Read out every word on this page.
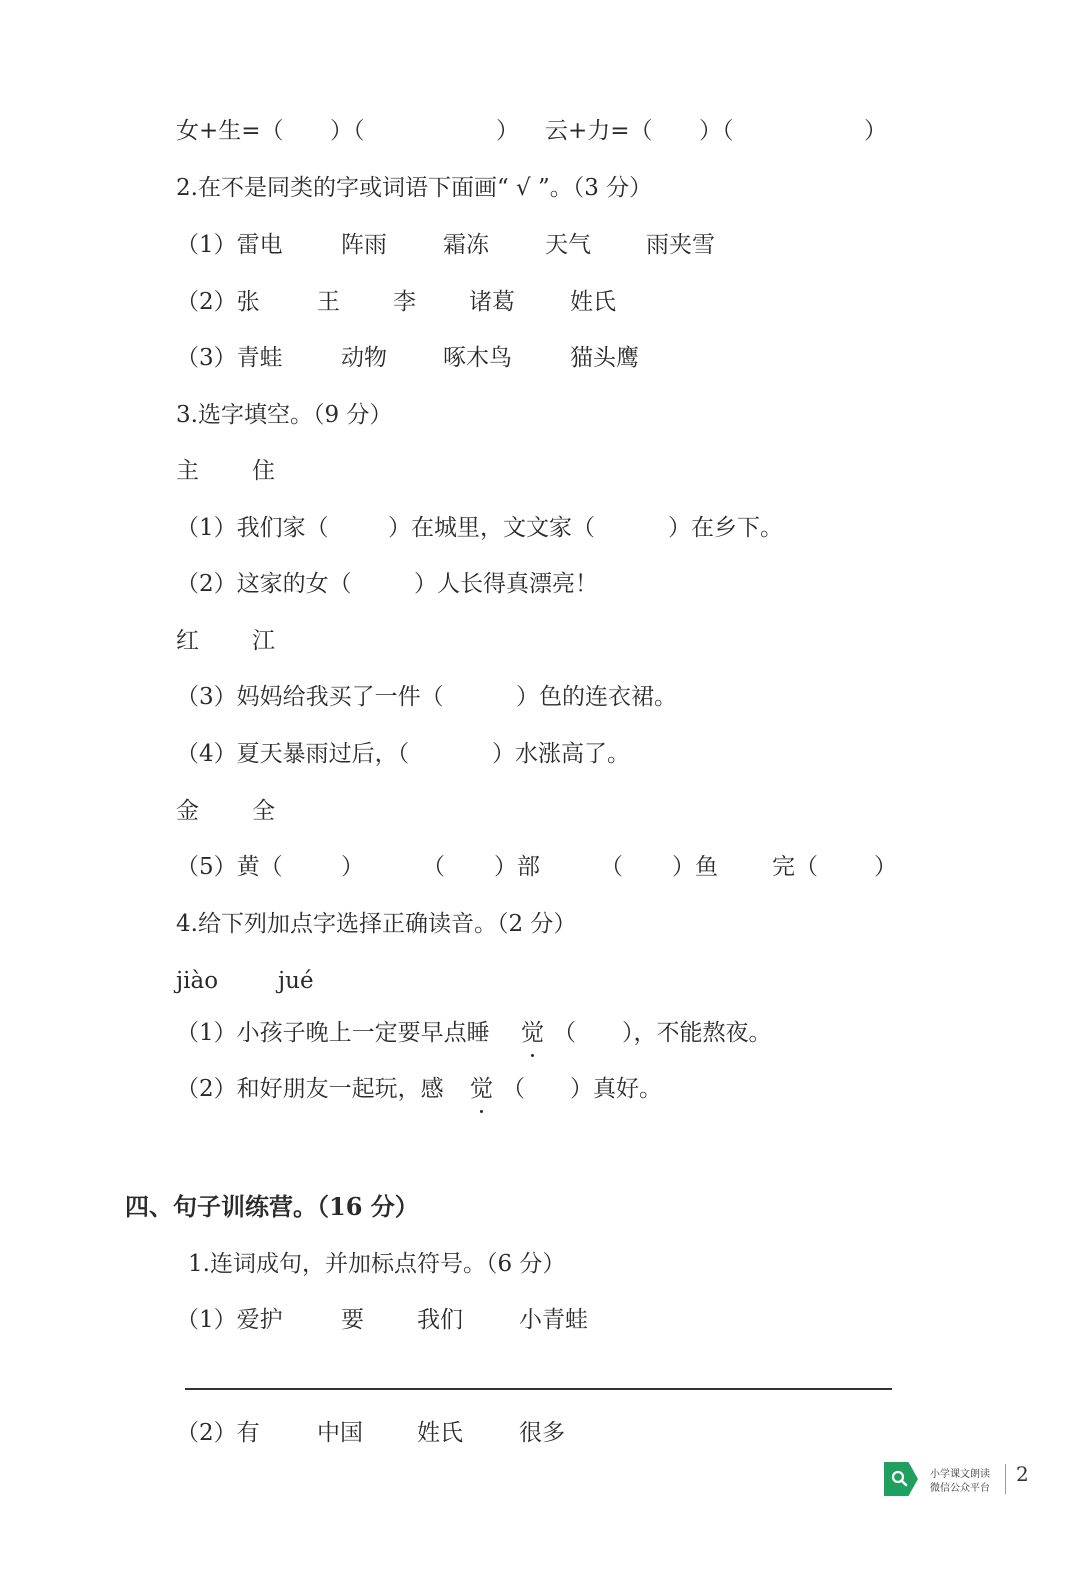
女+生=（

）（

	）

云+力=（

）（

	）

2.在不是同类的字或词语下面画“ √ ”。（3 分）

（1）雷电

	阵雨

霜冻

天气

雨夹雪

（2）张

王

李

诸葛

姓氏

（3）青蛙

	动物

啄木鸟

	猫头鹰

3.选字填空。（9 分）

主

住

（1）我们家（

	）在城里，文文家（

	）在乡下。

（2）这家的女（

	）人长得真漂亮！

红

江

（3）妈妈给我买了一件（

	）色的连衣裙。

（4）夏天暴雨过后，（

	）水涨高了。

金

全

（5）黄（

	）

	（

）部

	（

）鱼

完（

）

4.给下列加点字选择正确读音。（2 分）

jiào

	jué

（1）小孩子晚上一定要早点睡

觉

（

），不能熬夜。

（2）和好朋友一起玩，感

觉

（

）真好。

四、句子训练营。（16 分）

1.连词成句，并加标点符号。（6 分）

（1）爱护

	要

我们

小青蛙

（2）有

中国

姓氏

很多

小学课文朗读
微信公众平台
2
